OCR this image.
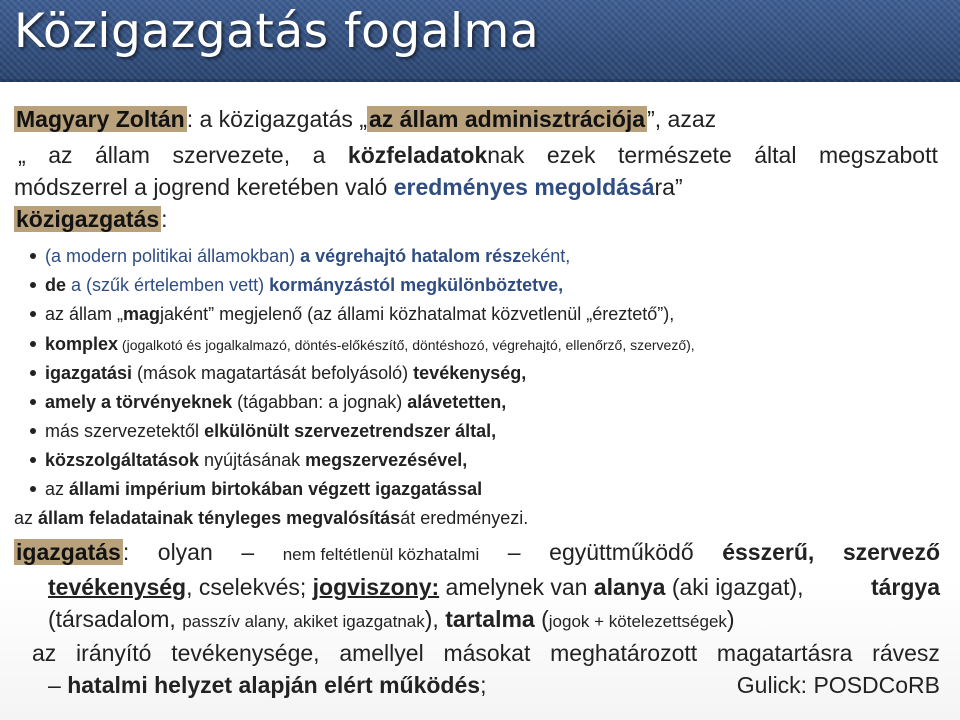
Közigazgatás fogalma
Magyary Zoltán: a közigazgatás „az állam adminisztrációja”, azaz
„ az állam szervezete, a közfeladatoknak ezek természete által megszabott
módszerrel a jogrend keretében való eredményes megoldására”
közigazgatás:
(a modern politikai államokban) a végrehajtó hatalom részeként,
de a (szűk értelemben vett) kormányzástól megkülönböztetve,
az állam „magjaként” megjelenő (az állami közhatalmat közvetlenül „éreztető”),
komplex (jogalkotó és jogalkalmazó, döntés-előkészítő, döntéshozó, végrehajtó, ellenőrző, szervező),
igazgatási (mások magatartását befolyásoló) tevékenység,
amely a törvényeknek (tágabban: a jognak) alávetetten,
más szervezetektől elkülönült szervezetrendszer által,
közszolgáltatások nyújtásának megszervezésével,
az állami impérium birtokában végzett igazgatással
az állam feladatainak tényleges megvalósítását eredményezi.
igazgatás: olyan – nem feltétlenül közhatalmi – együttműködő ésszerű, szervező
tevékenység, cselekvés; jogviszony: amelynek van alanya (aki igazgat),	tárgya
(társadalom, passzív alany, akiket igazgatnak), tartalma (jogok + kötelezettségek)
az irányító tevékenysége, amellyel másokat meghatározott magatartásra rávesz
– hatalmi helyzet alapján elért működés;	Gulick: POSDCoRB
